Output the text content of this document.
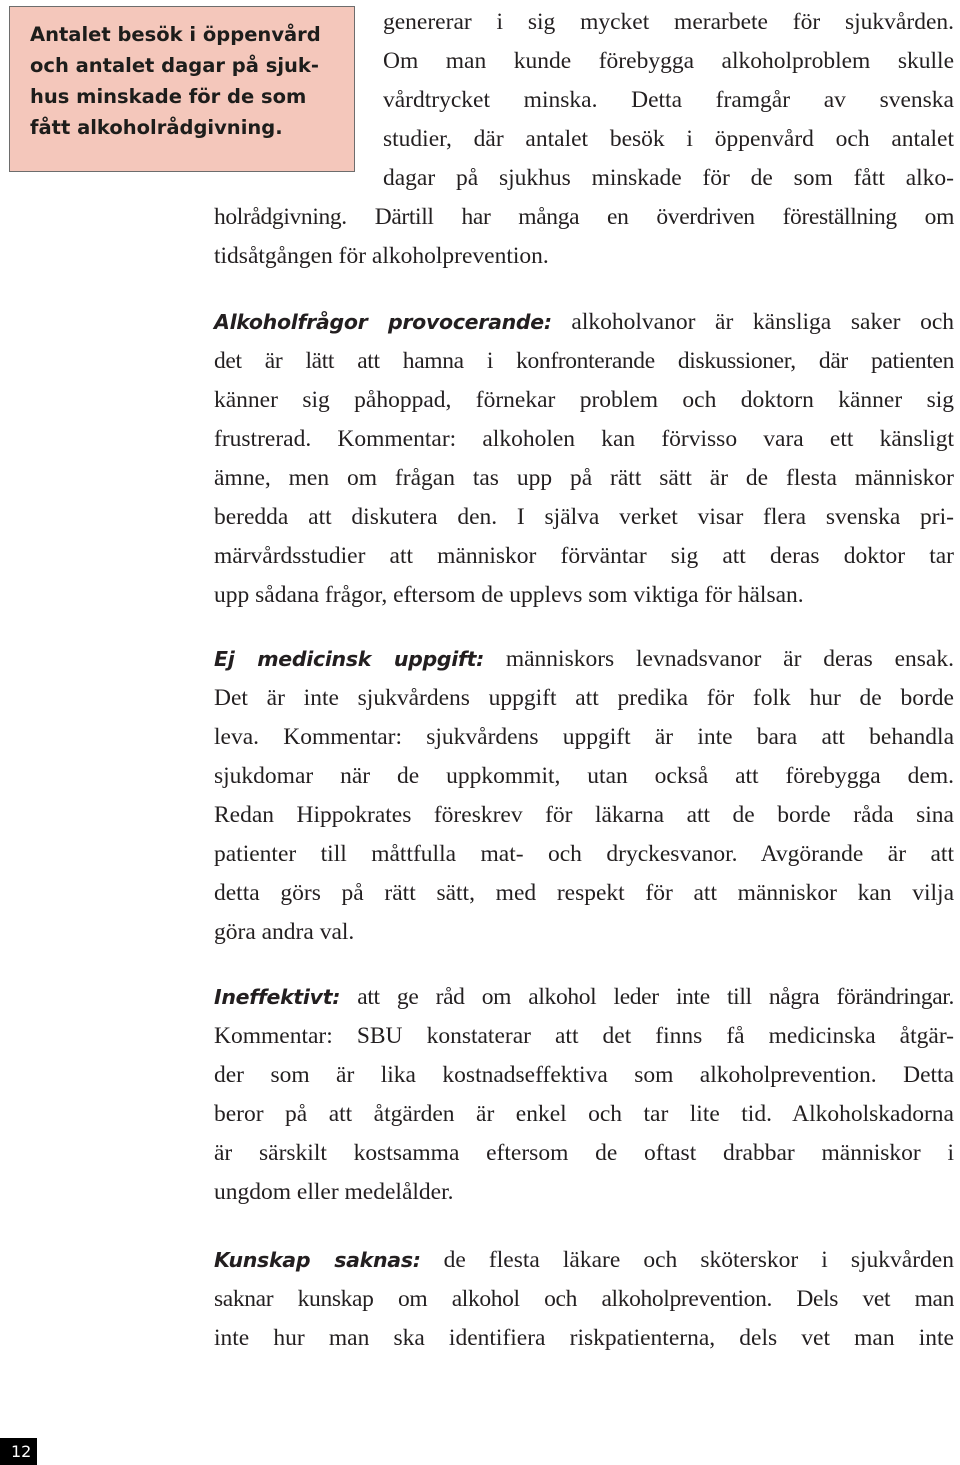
Antalet besök i öppenvård
och antalet dagar på sjuk-
hus minskade för de som
fått alkoholrådgivning.
genererar i sig mycket merarbete för sjukvården.
Om man kunde förebygga alkoholproblem skulle
vårdtrycket minska. Detta framgår av svenska
studier, där antalet besök i öppenvård och antalet
dagar på sjukhus minskade för de som fått alko-
holrådgivning. Därtill har många en överdriven föreställning om
tidsåtgången för alkoholprevention.
Alkoholfrågor provocerande: alkoholvanor är känsliga saker och
det är lätt att hamna i konfronterande diskussioner, där patienten
känner sig påhoppad, förnekar problem och doktorn känner sig
frustrerad. Kommentar: alkoholen kan förvisso vara ett känsligt
ämne, men om frågan tas upp på rätt sätt är de flesta människor
beredda att diskutera den. I själva verket visar flera svenska pri-
märvårdsstudier att människor förväntar sig att deras doktor tar
upp sådana frågor, eftersom de upplevs som viktiga för hälsan.
Ej medicinsk uppgift: människors levnadsvanor är deras ensak.
Det är inte sjukvårdens uppgift att predika för folk hur de borde
leva. Kommentar: sjukvårdens uppgift är inte bara att behandla
sjukdomar när de uppkommit, utan också att förebygga dem.
Redan Hippokrates föreskrev för läkarna att de borde råda sina
patienter till måttfulla mat- och dryckesvanor. Avgörande är att
detta görs på rätt sätt, med respekt för att människor kan vilja
göra andra val.
Ineffektivt: att ge råd om alkohol leder inte till några förändringar.
Kommentar: SBU konstaterar att det finns få medicinska åtgär-
der som är lika kostnadseffektiva som alkoholprevention. Detta
beror på att åtgärden är enkel och tar lite tid. Alkoholskadorna
är särskilt kostsamma eftersom de oftast drabbar människor i
ungdom eller medelålder.
Kunskap saknas: de flesta läkare och sköterskor i sjukvården
saknar kunskap om alkohol och alkoholprevention. Dels vet man
inte hur man ska identifiera riskpatienterna, dels vet man inte
12
